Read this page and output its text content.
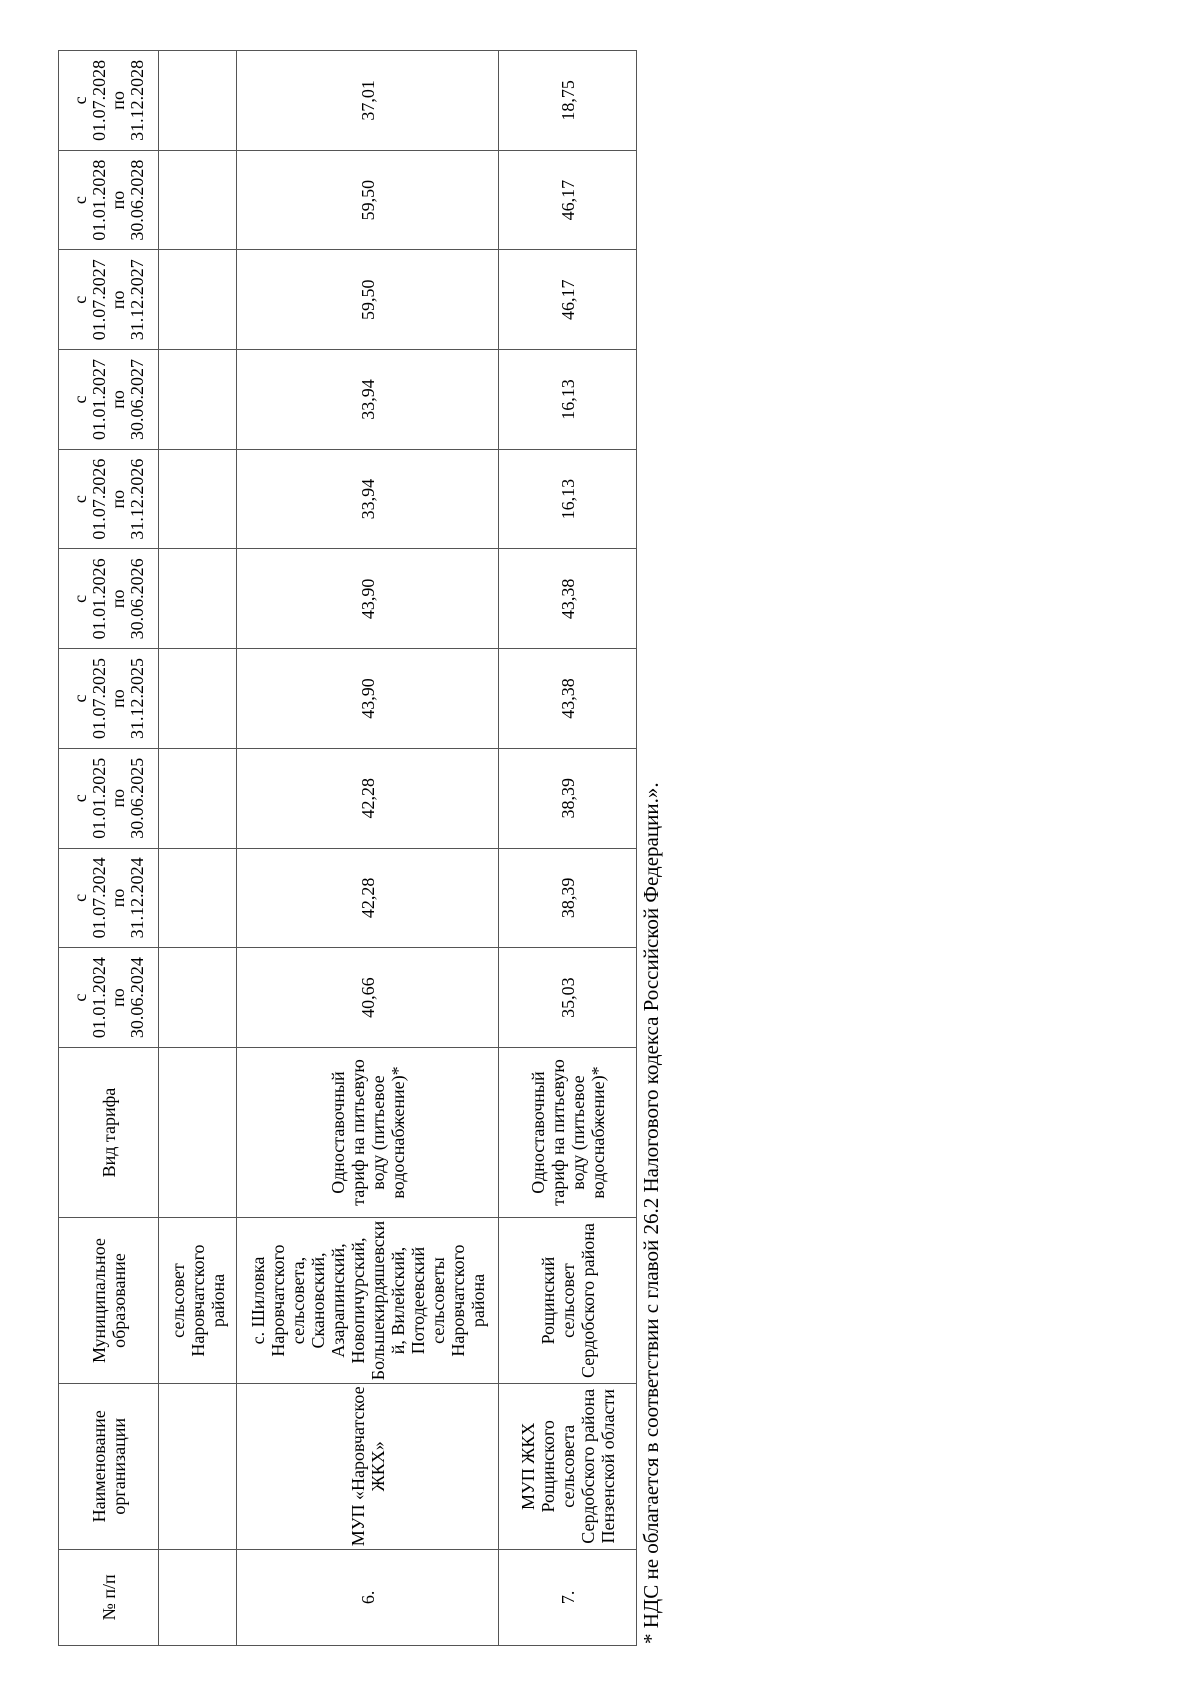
№ п/п	Наименование организации	Муниципальное образование	Вид тарифа	с 01.01.2024 по 30.06.2024	с 01.07.2024 по 31.12.2024	с 01.01.2025 по 30.06.2025	с 01.07.2025 по 31.12.2025	с 01.01.2026 по 30.06.2026	с 01.07.2026 по 31.12.2026	с 01.01.2027 по 30.06.2027	с 01.07.2027 по 31.12.2027	с 01.01.2028 по 30.06.2028	с 01.07.2028 по 31.12.2028

		сельсовет Наровчатского района											
6.	МУП «Наровчатское ЖКХ»	с. Шиловка Наровчатского сельсовета, Скановский, Азарапинский, Новопичурский, Большекирдяшевский, Вилейский, Потодеевский сельсоветы Наровчатского района	Одноставочный тариф на питьевую воду (питьевое водоснабжение)*	40,66	42,28	42,28	43,90	43,90	33,94	33,94	59,50	59,50	37,01
7.	МУП ЖКХ Рощинского сельсовета Сердобского района Пензенской области	Рощинский сельсовет Сердобского района	Одноставочный тариф на питьевую воду (питьевое водоснабжение)*	35,03	38,39	38,39	43,38	43,38	16,13	16,13	46,17	46,17	18,75
* НДС не облагается в соответствии с главой 26.2 Налогового кодекса Российской Федерации.».
